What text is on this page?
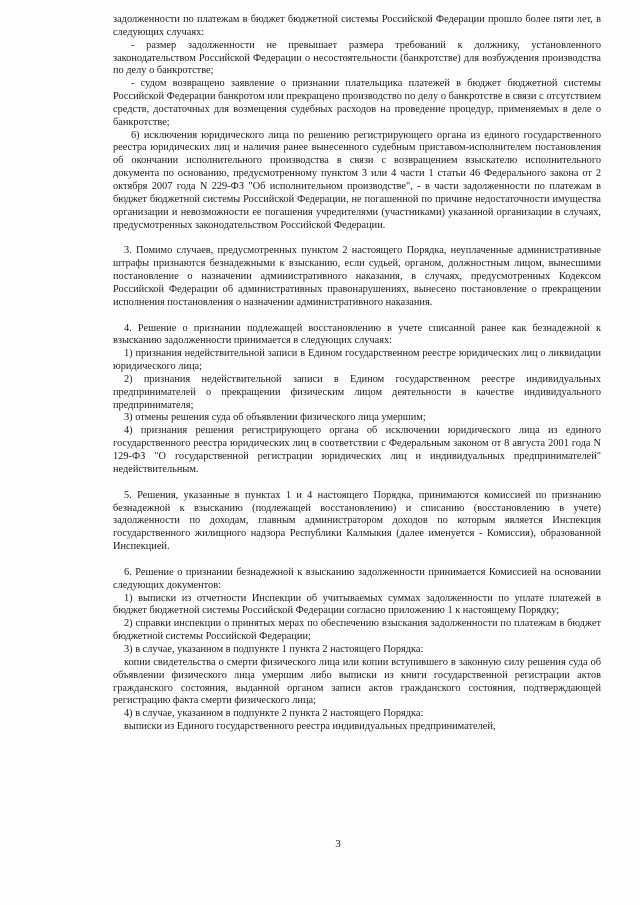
задолженности по платежам в бюджет бюджетной системы Российской Федерации прошло более пяти лет, в следующих случаях:

- размер задолженности не превышает размера требований к должнику, установленного законодательством Российской Федерации о несостоятельности (банкротстве) для возбуждения производства по делу о банкротстве;

- судом возвращено заявление о признании плательщика платежей в бюджет бюджетной системы Российской Федерации банкротом или прекращено производство по делу о банкротстве в связи с отсутствием средств, достаточных для возмещения судебных расходов на проведение процедур, применяемых в деле о банкротстве;

6) исключения юридического лица по решению регистрирующего органа из единого государственного реестра юридических лиц и наличия ранее вынесенного судебным приставом-исполнителем постановления об окончании исполнительного производства в связи с возвращением взыскателю исполнительного документа по основанию, предусмотренному пунктом 3 или 4 части 1 статьи 46 Федерального закона от 2 октября 2007 года N 229-ФЗ "Об исполнительном производстве", - в части задолженности по платежам в бюджет бюджетной системы Российской Федерации, не погашенной по причине недостаточности имущества организации и невозможности ее погашения учредителями (участниками) указанной организации в случаях, предусмотренных законодательством Российской Федерации.

3. Помимо случаев, предусмотренных пунктом 2 настоящего Порядка, неуплаченные административные штрафы признаются безнадежными к взысканию, если судьей, органом, должностным лицом, вынесшими постановление о назначении административного наказания, в случаях, предусмотренных Кодексом Российской Федерации об административных правонарушениях, вынесено постановление о прекращении исполнения постановления о назначении административного наказания.

4. Решение о признании подлежащей восстановлению в учете списанной ранее как безнадежной к взысканию задолженности принимается в следующих случаях:

1) признания недействительной записи в Едином государственном реестре юридических лиц о ликвидации юридического лица;

2) признания недействительной записи в Едином государственном реестре индивидуальных предпринимателей о прекращении физическим лицом деятельности в качестве индивидуального предпринимателя;

3) отмены решения суда об объявлении физического лица умершим;

4) признания решения регистрирующего органа об исключении юридического лица из единого государственного реестра юридических лиц в соответствии с Федеральным законом от 8 августа 2001 года N 129-ФЗ "О государственной регистрации юридических лиц и индивидуальных предпринимателей" недействительным.

5. Решения, указанные в пунктах 1 и 4 настоящего Порядка, принимаются комиссией по признанию безнадежной к взысканию (подлежащей восстановлению) и списанию (восстановлению в учете) задолженности по доходам, главным администратором доходов по которым является Инспекция государственного жилищного надзора Республики Калмыкия (далее именуется - Комиссия), образованной Инспекцией.

6. Решение о признании безнадежной к взысканию задолженности принимается Комиссией на основании следующих документов:

1) выписки из отчетности Инспекции об учитываемых суммах задолженности по уплате платежей в бюджет бюджетной системы Российской Федерации согласно приложению 1 к настоящему Порядку;

2) справки инспекции о принятых мерах по обеспечению взыскания задолженности по платежам в бюджет бюджетной системы Российской Федерации;

3) в случае, указанном в подпункте 1 пункта 2 настоящего Порядка:

копии свидетельства о смерти физического лица или копии вступившего в законную силу решения суда об объявлении физического лица умершим либо выписки из книги государственной регистрации актов гражданского состояния, выданной органом записи актов гражданского состояния, подтверждающей регистрацию факта смерти физического лица;

4) в случае, указанном в подпункте 2 пункта 2 настоящего Порядка:

выписки из Единого государственного реестра индивидуальных предпринимателей,

3
